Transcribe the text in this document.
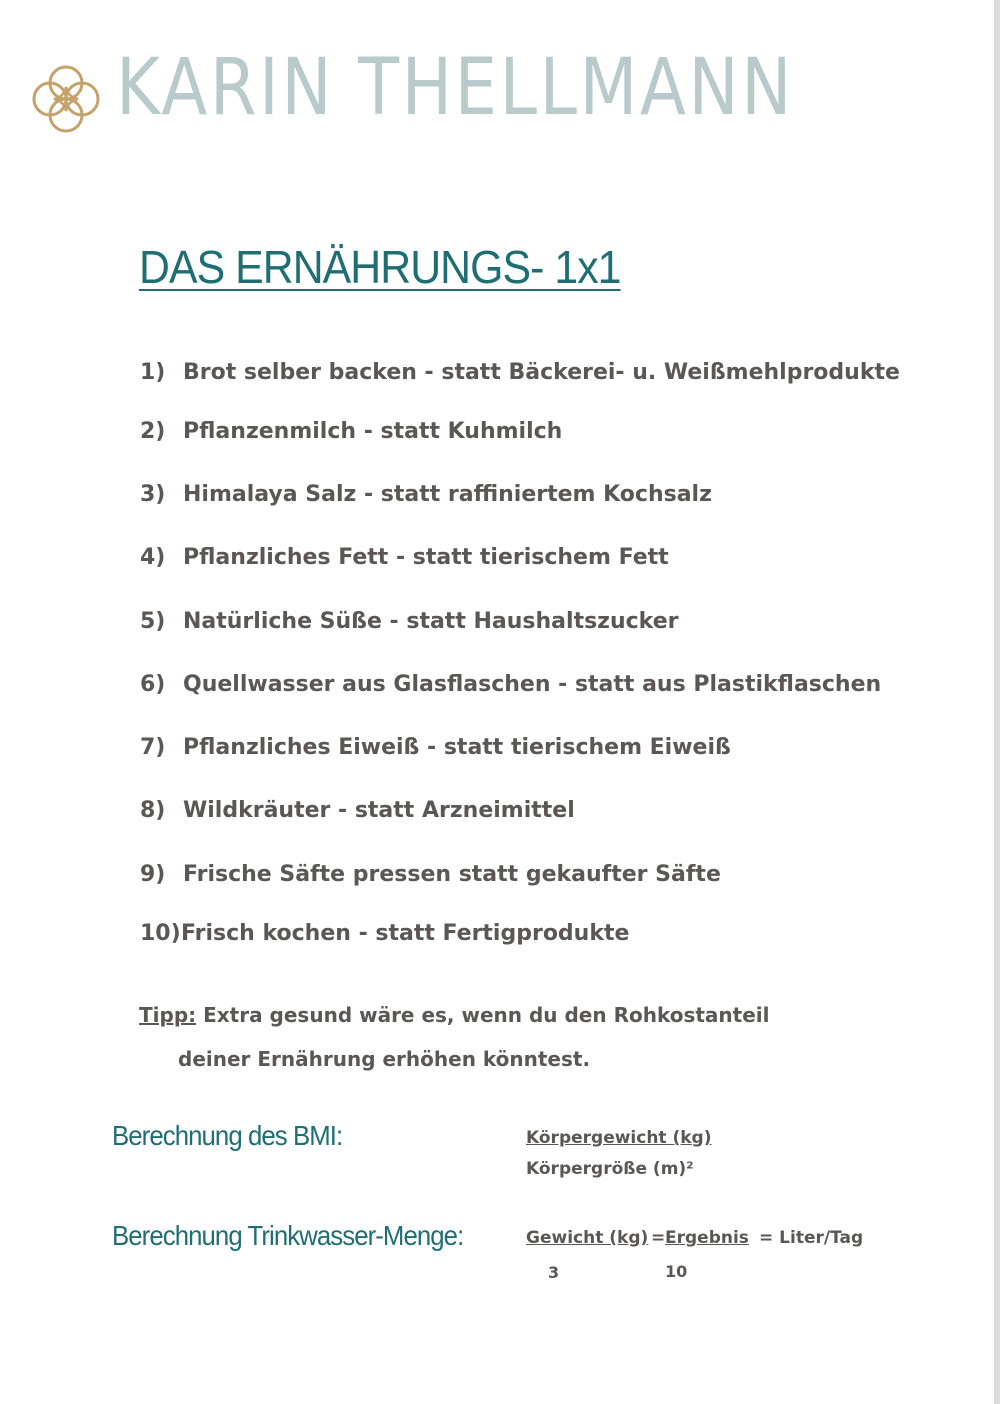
KARIN THELLMANN
DAS ERNÄHRUNGS- 1x1
1) Brot selber backen - statt Bäckerei- u. Weißmehlprodukte
2) Pflanzenmilch - statt Kuhmilch
3) Himalaya Salz - statt raffiniertem Kochsalz
4) Pflanzliches Fett - statt tierischem Fett
5) Natürliche Süße - statt Haushaltszucker
6) Quellwasser aus Glasflaschen - statt aus Plastikflaschen
7) Pflanzliches Eiweiß - statt tierischem Eiweiß
8) Wildkräuter - statt Arzneimittel
9) Frische Säfte pressen statt gekaufter Säfte
10)Frisch kochen - statt Fertigprodukte
Tipp: Extra gesund wäre es, wenn du den Rohkostanteil
deiner Ernährung erhöhen könntest.
Berechnung des BMI:	Körpergewicht (kg)
Körpergröße (m)²
Berechnung Trinkwasser-Menge:	Gewicht (kg) = Ergebnis = Liter/Tag
3	10
